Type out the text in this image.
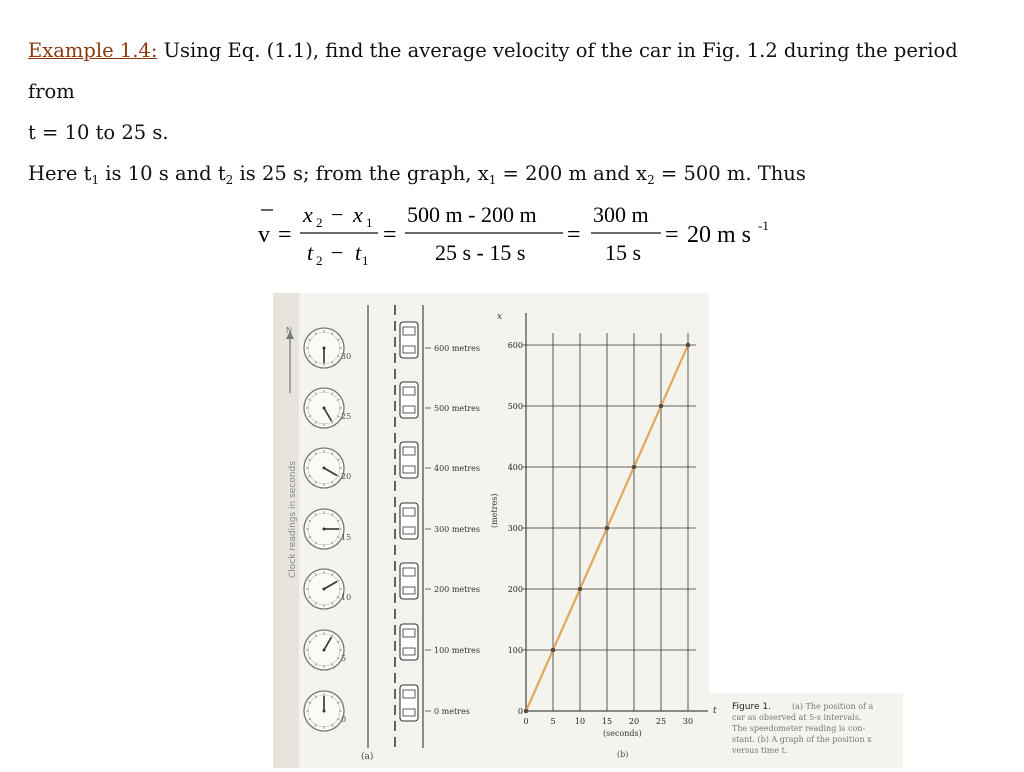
Example 1.4: Using Eq. (1.1), find the average velocity of the car in Fig. 1.2 during the period from
t = 10 to 25 s.
Here $t_1$ is 10 s and $t_2$ is 25 s; from the graph, $x_1 = 200$ m and $x_2 = 500$ m. Thus
v =
x 2 − x 1
t 2 − t 1
=
500 m - 200 m
25 s - 15 s
=
300 m
15 s
= 20 m s -1
N
Clock readings in seconds
30
25
20
15
10
5
0
600 metres
500 metres
400 metres
300 metres
200 metres
100 metres
0 metres
(a)
0	5 10 15 20 25 30
0
100
200
300
400
500
600
x
t
(metres)
(seconds)
(b)
Figure 1.	(a) The position of a
car as observed at 5-s intervals.
The speedometer reading is con-
stant. (b) A graph of the position x
versus time t.
